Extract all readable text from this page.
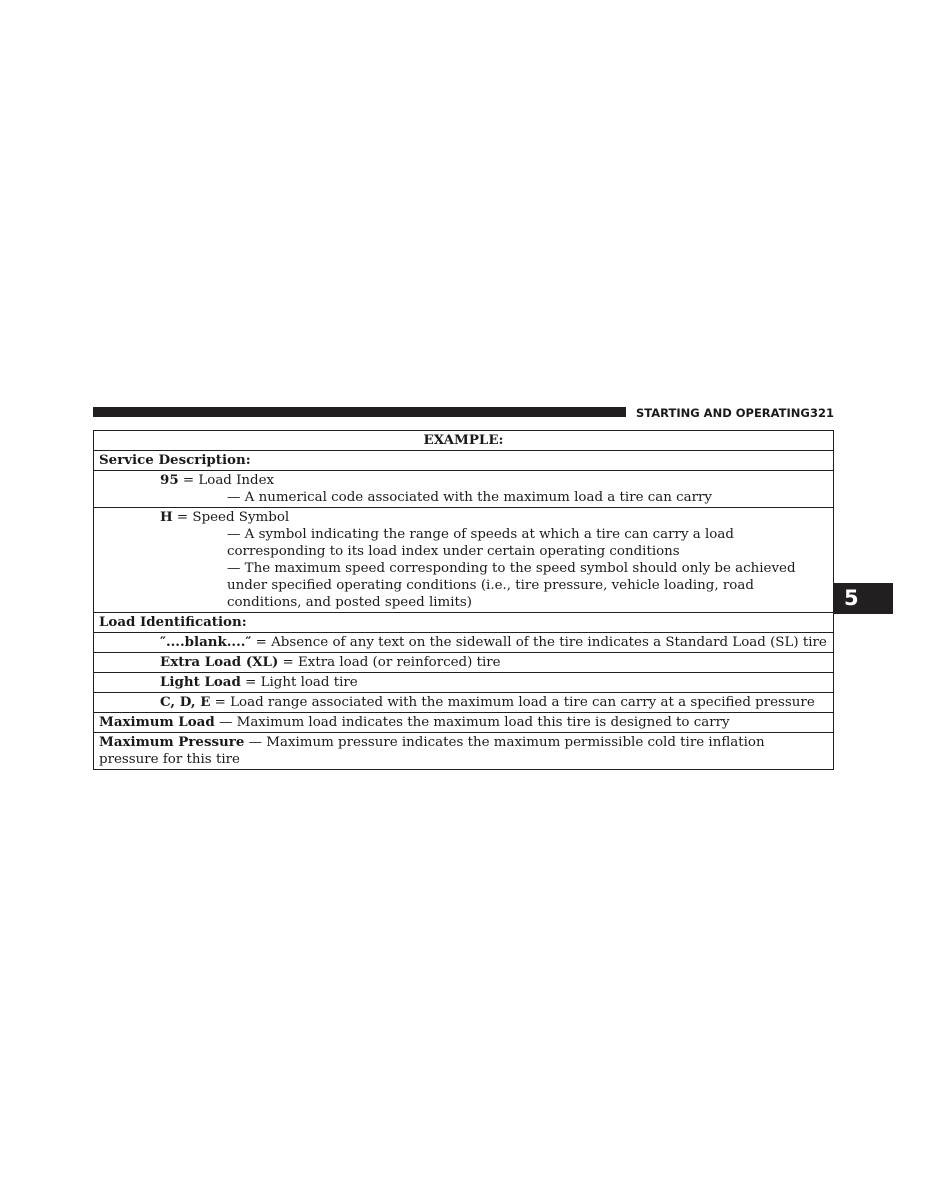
STARTING AND OPERATING 321
5
EXAMPLE:
Service Description:
95 = Load Index
— A numerical code associated with the maximum load a tire can carry
H = Speed Symbol
— A symbol indicating the range of speeds at which a tire can carry a load corresponding to its load index under certain operating conditions
— The maximum speed corresponding to the speed symbol should only be achieved under specified operating conditions (i.e., tire pressure, vehicle loading, road conditions, and posted speed limits)
Load Identification:
″....blank....″ = Absence of any text on the sidewall of the tire indicates a Standard Load (SL) tire
Extra Load (XL) = Extra load (or reinforced) tire
Light Load = Light load tire
C, D, E = Load range associated with the maximum load a tire can carry at a specified pressure
Maximum Load — Maximum load indicates the maximum load this tire is designed to carry
Maximum Pressure — Maximum pressure indicates the maximum permissible cold tire inflation pressure for this tire
